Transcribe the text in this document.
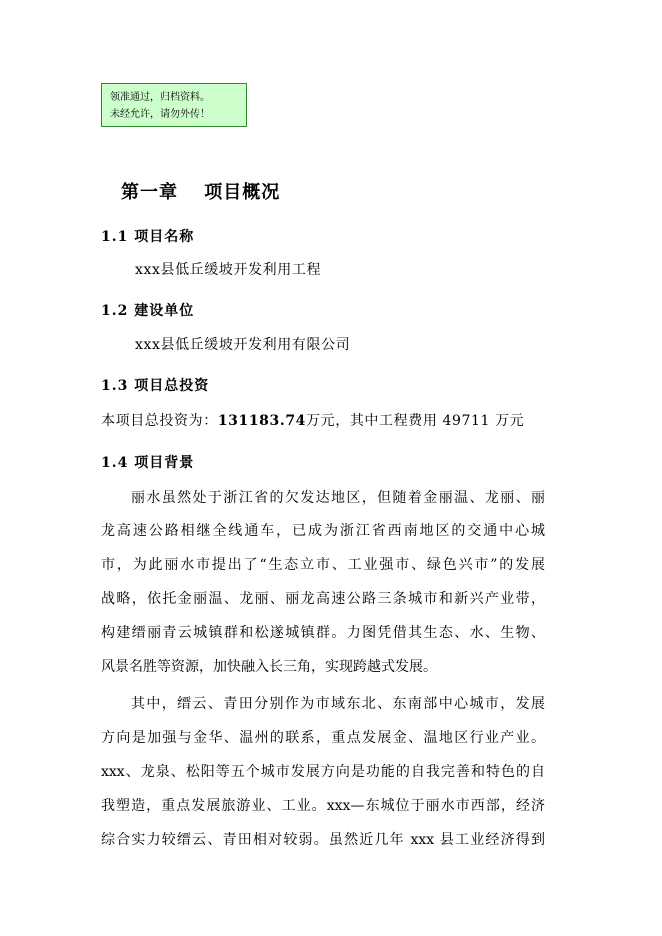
领准通过，归档资料。
未经允许，请勿外传！
第一章　 项目概况
1.1 项目名称
xxx县低丘缓坡开发利用工程
1.2 建设单位
xxx县低丘缓坡开发利用有限公司
1.3 项目总投资
本项目总投资为：131183.74万元，其中工程费用 49711 万元
1.4 项目背景
丽水虽然处于浙江省的欠发达地区，但随着金丽温、龙丽、丽
龙高速公路相继全线通车，已成为浙江省西南地区的交通中心城
市，为此丽水市提出了“生态立市、工业强市、绿色兴市”的发展
战略，依托金丽温、龙丽、丽龙高速公路三条城市和新兴产业带，
构建缙丽青云城镇群和松遂城镇群。力图凭借其生态、水、生物、
风景名胜等资源，加快融入长三角，实现跨越式发展。
其中，缙云、青田分别作为市域东北、东南部中心城市，发展
方向是加强与金华、温州的联系，重点发展金、温地区行业产业。
xxx、龙泉、松阳等五个城市发展方向是功能的自我完善和特色的自
我塑造，重点发展旅游业、工业。xxx—东城位于丽水市西部，经济
综合实力较缙云、青田相对较弱。虽然近几年 xxx 县工业经济得到
